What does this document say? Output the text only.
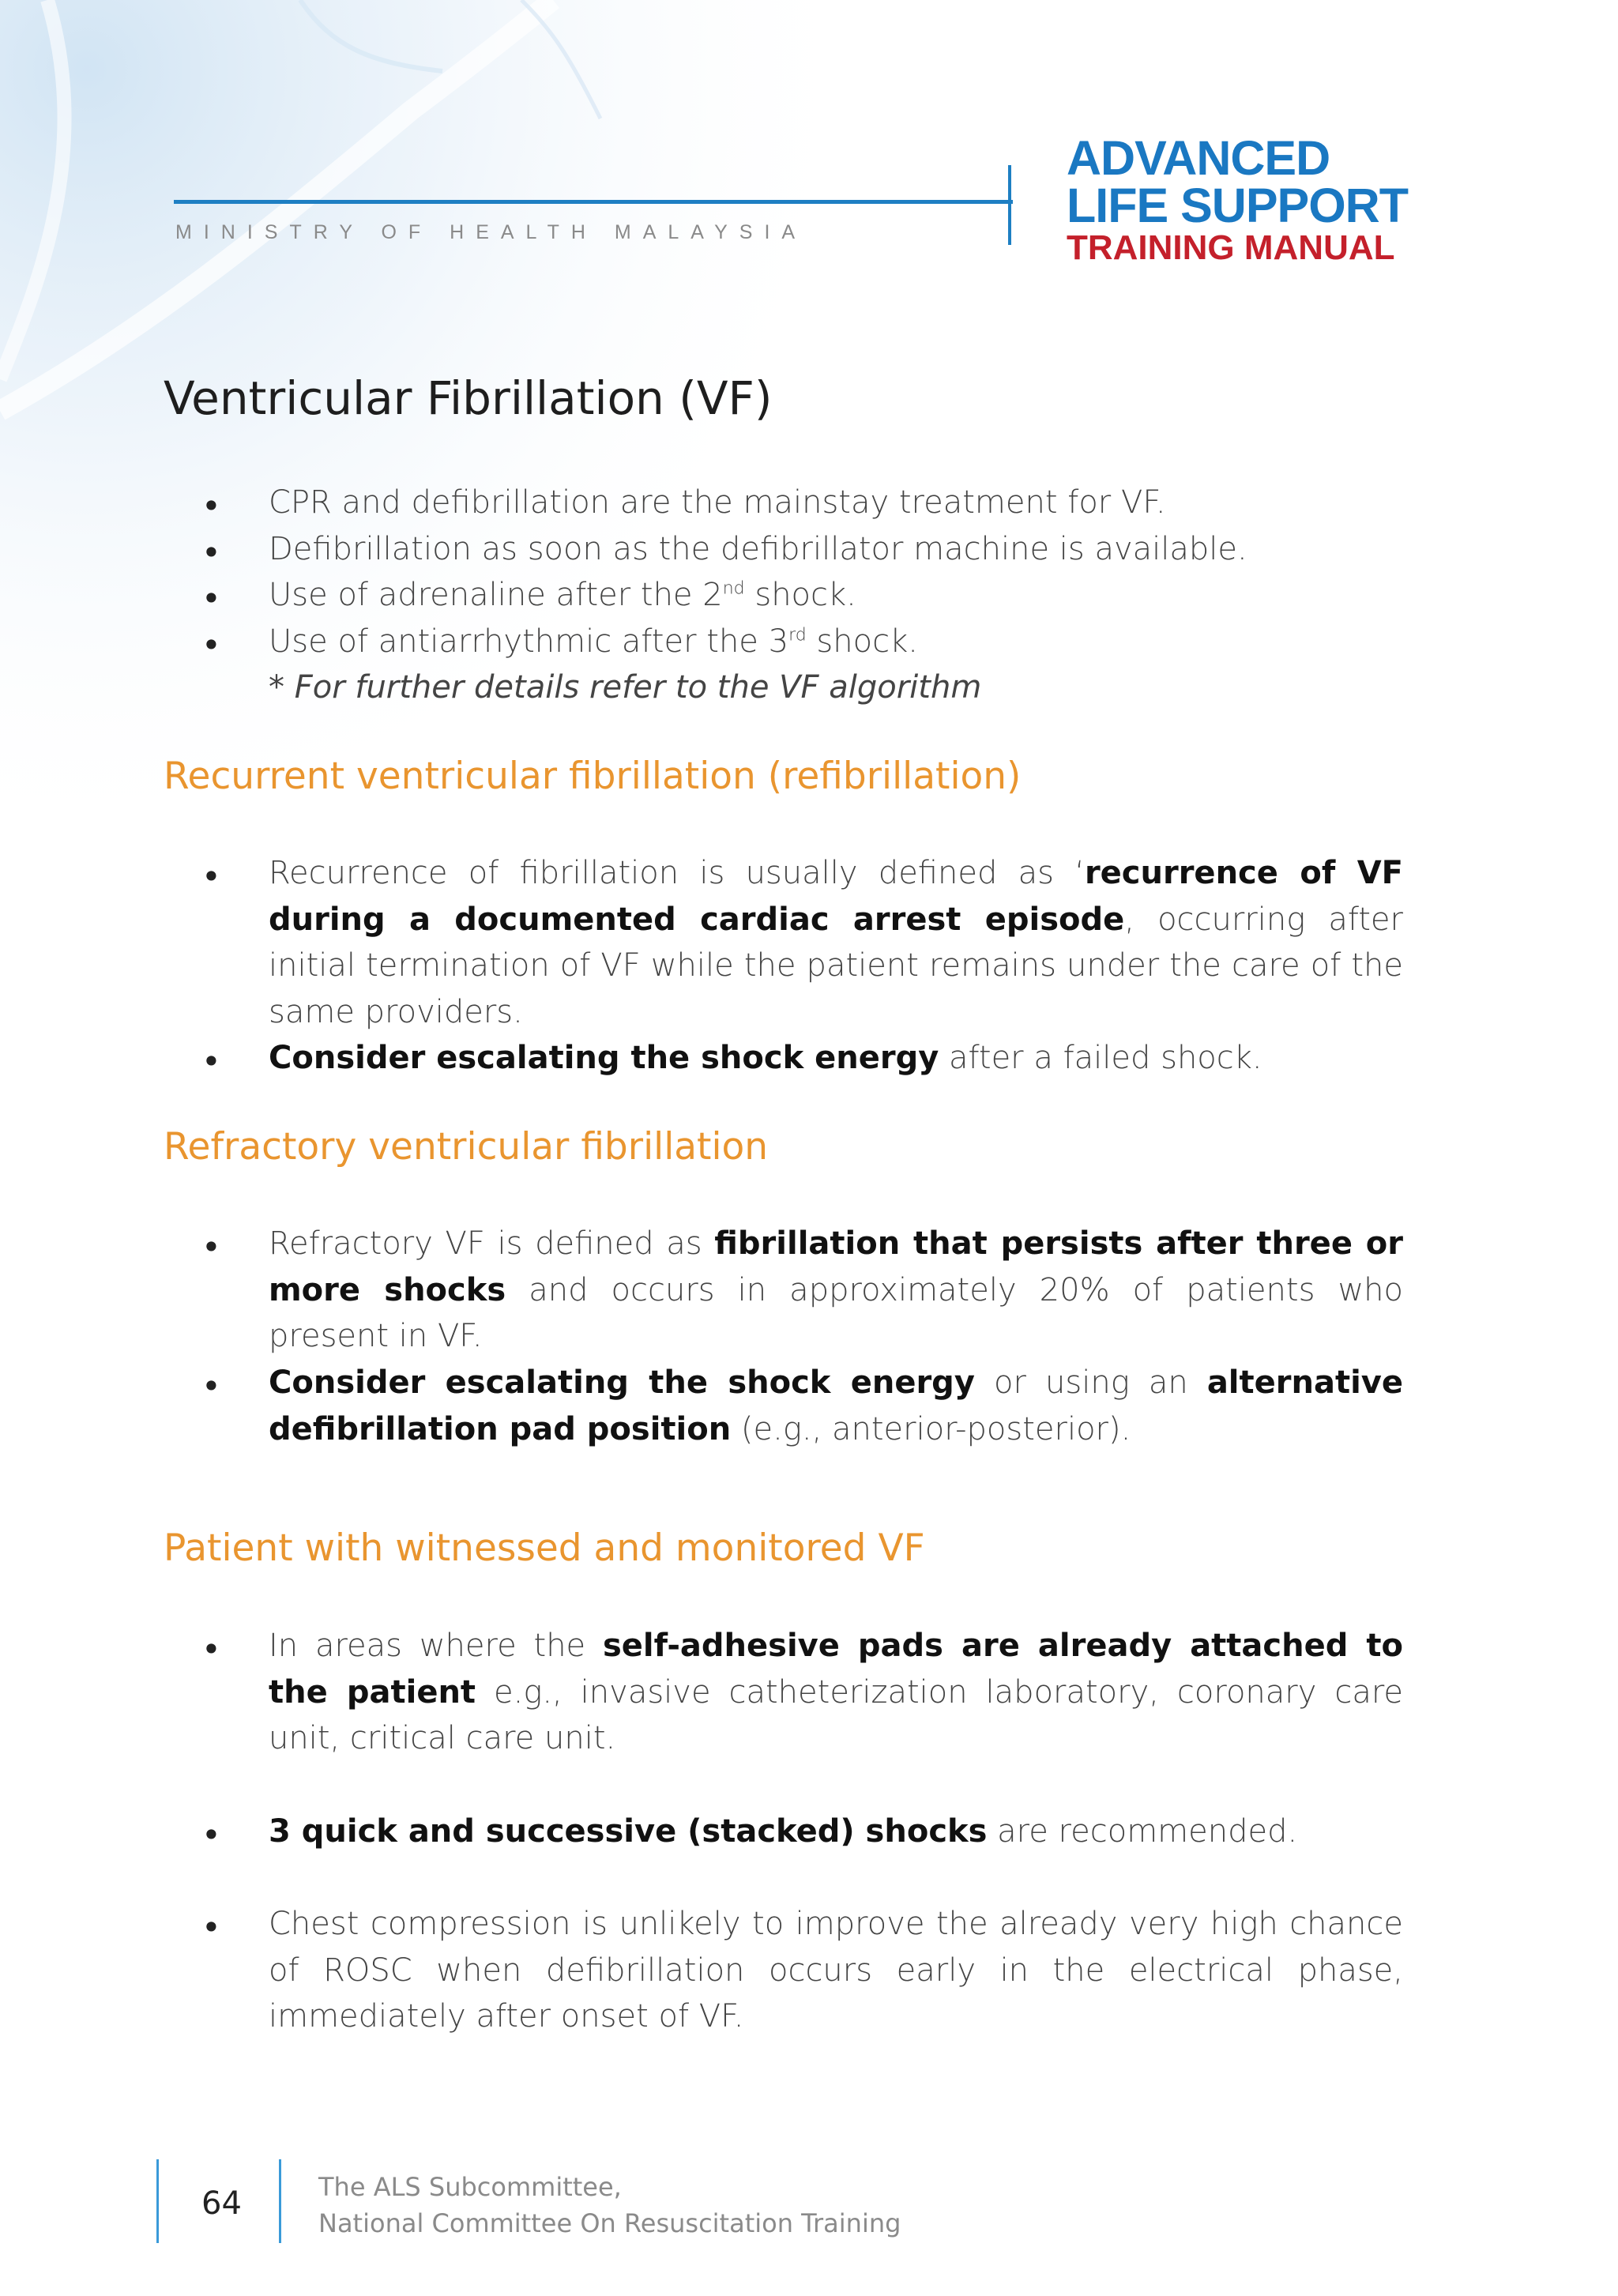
MINISTRY OF HEALTH MALAYSIA
ADVANCED
LIFE SUPPORT
TRAINING MANUAL
Ventricular Fibrillation (VF)
• CPR and defibrillation are the mainstay treatment for VF.
• Defibrillation as soon as the defibrillator machine is available.
• Use of adrenaline after the 2nd shock.
• Use of antiarrhythmic after the 3rd shock.
* For further details refer to the VF algorithm
Recurrent ventricular fibrillation (refibrillation)
• Recurrence of fibrillation is usually defined as ‘recurrence of VF during a documented cardiac arrest episode, occurring after initial termination of VF while the patient remains under the care of the same providers.
• Consider escalating the shock energy after a failed shock.
Refractory ventricular fibrillation
• Refractory VF is defined as fibrillation that persists after three or more shocks and occurs in approximately 20% of patients who present in VF.
• Consider escalating the shock energy or using an alternative defibrillation pad position (e.g., anterior-posterior).
Patient with witnessed and monitored VF
• In areas where the self-adhesive pads are already attached to the patient e.g., invasive catheterization laboratory, coronary care unit, critical care unit.
• 3 quick and successive (stacked) shocks are recommended.
• Chest compression is unlikely to improve the already very high chance of ROSC when defibrillation occurs early in the electrical phase, immediately after onset of VF.
64	The ALS Subcommittee,
National Committee On Resuscitation Training
